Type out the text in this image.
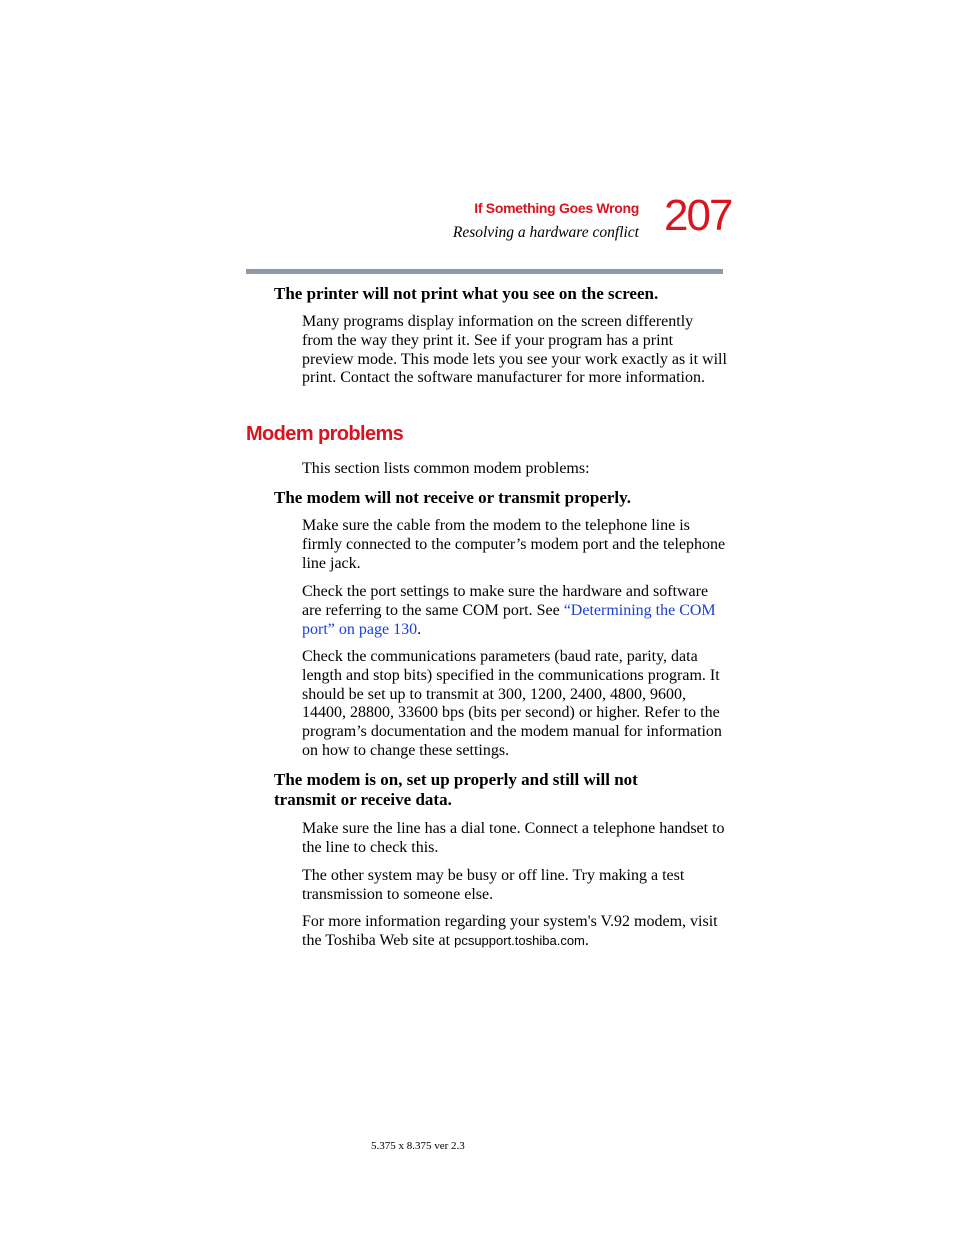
If Something Goes Wrong
Resolving a hardware conflict 207
The printer will not print what you see on the screen.
Many programs display information on the screen differently from the way they print it. See if your program has a print preview mode. This mode lets you see your work exactly as it will print. Contact the software manufacturer for more information.
Modem problems
This section lists common modem problems:
The modem will not receive or transmit properly.
Make sure the cable from the modem to the telephone line is firmly connected to the computer’s modem port and the telephone line jack.
Check the port settings to make sure the hardware and software are referring to the same COM port. See “Determining the COM port” on page 130.
Check the communications parameters (baud rate, parity, data length and stop bits) specified in the communications program. It should be set up to transmit at 300, 1200, 2400, 4800, 9600, 14400, 28800, 33600 bps (bits per second) or higher. Refer to the program’s documentation and the modem manual for information on how to change these settings.
The modem is on, set up properly and still will not transmit or receive data.
Make sure the line has a dial tone. Connect a telephone handset to the line to check this.
The other system may be busy or off line. Try making a test transmission to someone else.
For more information regarding your system's V.92 modem, visit the Toshiba Web site at pcsupport.toshiba.com.
5.375 x 8.375 ver 2.3
